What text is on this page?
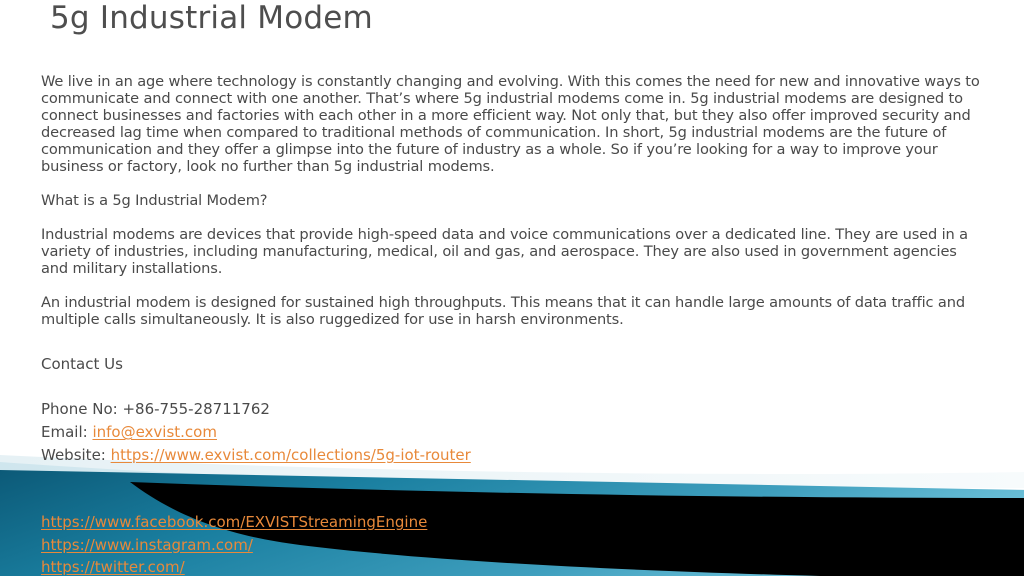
5g Industrial Modem

We live in an age where technology is constantly changing and evolving. With this comes the need for new and innovative ways to communicate and connect with one another. That’s where 5g industrial modems come in. 5g industrial modems are designed to connect businesses and factories with each other in a more efficient way. Not only that, but they also offer improved security and decreased lag time when compared to traditional methods of communication. In short, 5g industrial modems are the future of communication and they offer a glimpse into the future of industry as a whole. So if you’re looking for a way to improve your business or factory, look no further than 5g industrial modems.

What is a 5g Industrial Modem?

Industrial modems are devices that provide high-speed data and voice communications over a dedicated line. They are used in a variety of industries, including manufacturing, medical, oil and gas, and aerospace. They are also used in government agencies and military installations.

An industrial modem is designed for sustained high throughputs. This means that it can handle large amounts of data traffic and multiple calls simultaneously. It is also ruggedized for use in harsh environments.

Contact Us
Phone No: +86-755-28711762
Email: info@exvist.com
Website: https://www.exvist.com/collections/5g-iot-router
https://www.facebook.com/EXVISTStreamingEngine
https://www.instagram.com/
https://twitter.com/
